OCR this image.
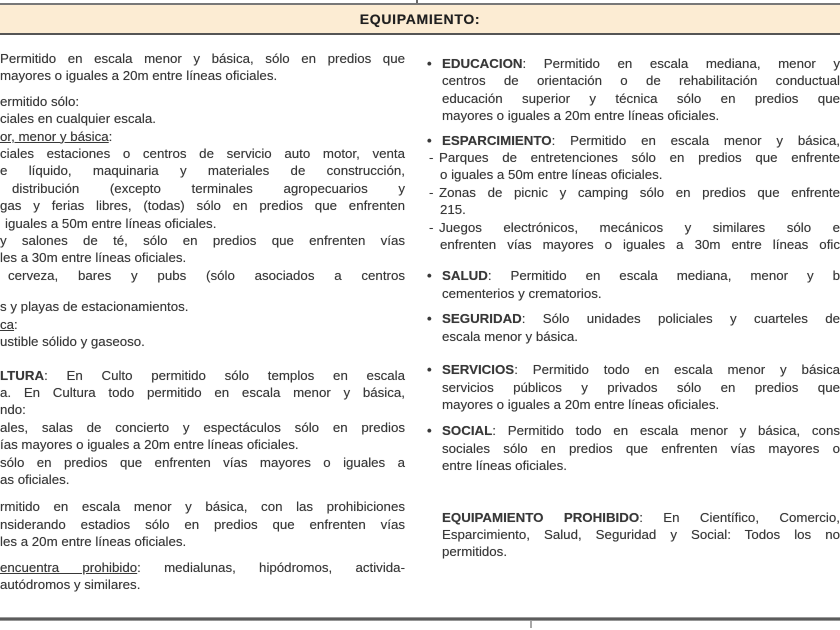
EQUIPAMIENTO:
Permitido en escala menor y básica, sólo en predios que
mayores o iguales a 20m entre líneas oficiales.
ermitido sólo:
ciales en cualquier escala.
or, menor y básica:
ciales estaciones o centros de servicio auto motor, venta
e líquido, maquinaria y materiales de construcción,
distribución (excepto terminales agropecuarios y
gas y ferias libres, (todas) sólo en predios que enfrenten
iguales a 50m entre líneas oficiales.
y salones de té, sólo en predios que enfrenten vías
les a 30m entre líneas oficiales.
cerveza, bares y pubs (sólo asociados a centros
s y playas de estacionamientos.
ca:
ustible sólido y gaseoso.
LTURA: En Culto permitido sólo templos en escala
a. En Cultura todo permitido en escala menor y básica,
ndo:
ales, salas de concierto y espectáculos sólo en predios
ías mayores o iguales a 20m entre líneas oficiales.
sólo en predios que enfrenten vías mayores o iguales a
as oficiales.
rmitido en escala menor y básica, con las prohibiciones
nsiderando estadios sólo en predios que enfrenten vías
les a 20m entre líneas oficiales.
encuentra prohibido: medialunas, hipódromos, activida-
autódromos y similares.
• EDUCACION: Permitido en escala mediana, menor y
centros de orientación o de rehabilitación conductual
educación superior y técnica sólo en predios que
mayores o iguales a 20m entre líneas oficiales.
• ESPARCIMIENTO: Permitido en escala menor y básica,
- Parques de entretenciones sólo en predios que enfrente
o iguales a 50m entre líneas oficiales.
- Zonas de picnic y camping sólo en predios que enfrente
215.
- Juegos electrónicos, mecánicos y similares sólo e
enfrenten vías mayores o iguales a 30m entre líneas ofic
• SALUD: Permitido en escala mediana, menor y b
cementerios y crematorios.
• SEGURIDAD: Sólo unidades policiales y cuarteles de
escala menor y básica.
• SERVICIOS: Permitido todo en escala menor y básica
servicios públicos y privados sólo en predios que
mayores o iguales a 20m entre líneas oficiales.
• SOCIAL: Permitido todo en escala menor y básica, cons
sociales sólo en predios que enfrenten vías mayores o
entre líneas oficiales.
EQUIPAMIENTO PROHIBIDO: En Científico, Comercio,
Esparcimiento, Salud, Seguridad y Social: Todos los no
permitidos.
